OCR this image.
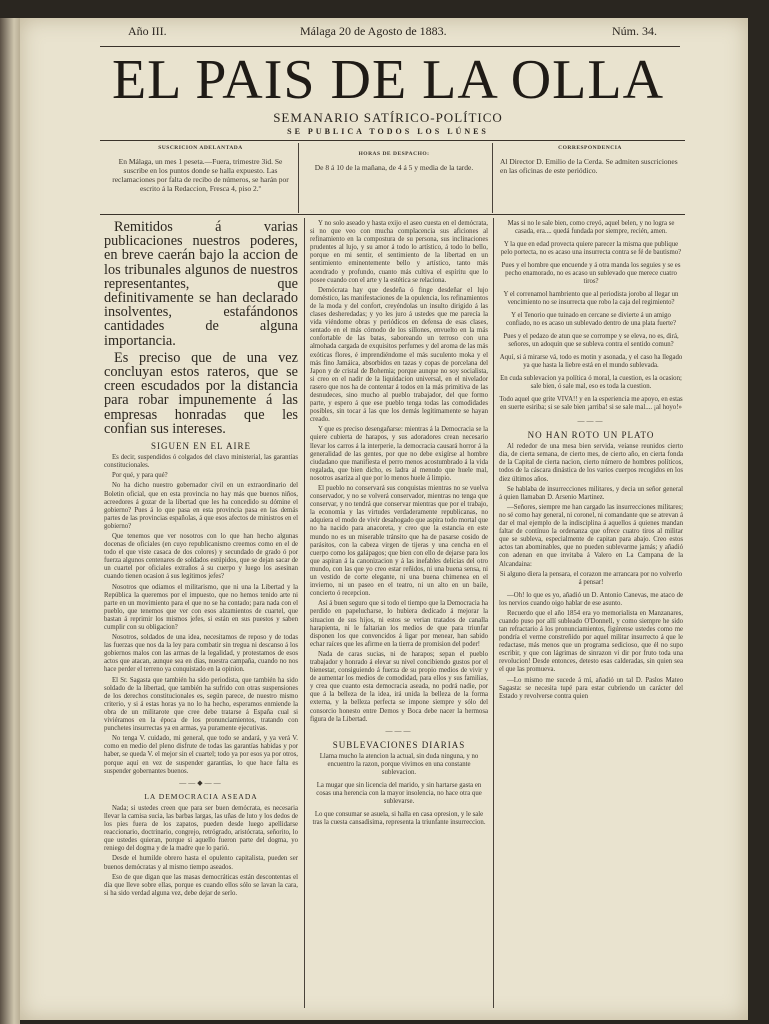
Año III.	Málaga 20 de Agosto de 1883.	Núm. 34.
EL PAIS DE LA OLLA
SEMANARIO SATÍRICO-POLÍTICO
SE PUBLICA TODOS LOS LÚNES
SUSCRICION ADELANTADA
En Málaga, un mes 1 peseta.—Fuera, trimestre 3id. Se suscribe en los puntos donde se halla expuesto. Las reclamaciones por falta de recibo de números, se harán por escrito á la Redaccion, Fresca 4, piso 2.º
HORAS DE DESPACHO:
De 8 á 10 de la mañana, de 4 á 5 y media de la tarde.
CORRESPONDENCIA
Al Director D. Emilio de la Cerda. Se admiten suscriciones en las oficinas de este periódico.

Remitidos á varias publicaciones nuestros poderes, en breve caerán bajo la accion de los tribunales algunos de nuestros representantes, que definitivamente se han declarado insolventes, estafándonos cantidades de alguna importancia.

Es preciso que de una vez concluyan estos rateros, que se creen escudados por la distancia para robar impunemente á las empresas honradas que les confian sus intereses.

SIGUEN EN EL AIRE

Es decir, suspendidos ó colgados del clavo ministerial, las garantías constitucionales.

Por qué, y para qué?

No ha dicho nuestro gobernador civil en un extraordinario del Boletin oficial, que en esta provincia no hay más que buenos niños, acreedores á gozar de la libertad que les ha concedido su dómine el gobierno? Pues á lo que pasa en esta provincia pasa en las demás partes de las provincias españolas, á que esos afectos de ministros en el gobierno?

Que tenemos que ver nosotros con lo que han hecho algunas docenas de oficiales (en cuyo republicanismo creemos como en el de todo el que viste casaca de dos colores) y secundado de grado ó por fuerza algunos centenares de soldados estúpidos, que se dejan sacar de un cuartel por oficiales extraños á su cuerpo y luego los asesinan cuando tienen ocasion á sus legítimos jefes?

Nosotros que odiamos el militarismo, que ni una la Libertad y la República la queremos por el impuesto, que no hemos tenido arte ni parte en un movimiento para el que no se ha contado; para nada con el pueblo, que tenemos que ver con esos alzamientos de cuartel, que bastan á reprimir los mismos jefes, si están en sus puestos y saben cumplir con su obligacion?

Nosotros, soldados de una idea, necesitamos de reposo y de todas las fuerzas que nos da la ley para combatir sin tregua ni descanso á los gobiernos malos con las armas de la legalidad, y protestamos de esos actos que atacan, aunque sea en dias, nuestra campaña, cuando no nos hace perder el terreno ya conquistado en la opinion.

El Sr. Sagasta que también ha sido periodista, que también ha sido soldado de la libertad, que también ha sufrido con otras suspensiones de los derechos constitucionales es, según parece, de nuestro mismo criterio, y si á estas horas ya no lo ha hecho, esperamos enmiende la obra de un militarote que cree debe tratarse á España cual si viviéramos en la época de los pronunciamientos, tratando con punchetes insurrectas ya en armas, ya puramente ejecutivas.

No tenga V. cuidado, mi general, que todo se andará, y ya verá V. como en medio del pleno disfrute de todas las garantías habidas y por haber, se queda V. el mejor sin el cuartel; todo ya por esos ya por otros, porque aquí en vez de suspender garantías, lo que hace falta es suspender gobernantes buenos.

——◆——
LA DEMOCRACIA ASEADA

Nada; si ustedes creen que para ser buen demócrata, es necesaria llevar la camisa sucia, las barbas largas, las uñas de luto y los dedos de los pies fuera de los zapatos, pueden desde luego apellidarse reaccionario, doctrinario, congrejo, retrógrado, aristócrata, señorito, lo que ustedes quieran, porque si aquello fueron parte del dogma, yo reniego del dogma y de la madre que lo parió.

Desde el humilde obrero hasta el opulento capitalista, pueden ser buenos demócratas y al mismo tiempo aseados.

Eso de que digan que las masas democráticas están descontentas el día que lleve sobre ellas, porque es cuando ellos sólo se lavan la cara, si ha sido verdad alguna vez, debe dejar de serlo.

Y no solo aseado y hasta exijo el aseo cuesta en el demócrata, si no que veo con mucha complacencia sus aficiones al refinamiento en la compostura de su persona, sus inclinaciones prudentes al lujo, y su amor á todo lo artístico, á todo lo bello, porque en mi sentir, el sentimiento de la libertad en un sentimiento eminentemente bello y artístico, tanto más acendrado y profundo, cuanto más cultiva el espíritu que lo posee cuando con el arte y la estética se relaciona.

Demócrata hay que desdeña ó finge desdeñar el lujo doméstico, las manifestaciones de la opulencia, los refinamientos de la moda y del confort, creyéndolas un insulto dirigido á las clases desheredadas; y yo les juro á ustedes que me parecía la vida viéndome obras y periódicos en defensa de esas clases, sentado en el más cómodo de los sillones, envuelto en la más confortable de las batas, saboreando un terroso con una almohada cargada de exquisitos perfumes y del aroma de las más exóticas flores, é imprendiéndome el más suculento moka y el más fino Jamáica, absorbidos en tazas y copas de porcelana del Japon y de cristal de Bohemia; porque aunque no soy socialista, si creo en el nadir de la liquidacion universal, en el nivelador rasero que nos ha de contentar á todos en la más primitiva de las desnudeces, sino mucho al pueblo trabajador, del que formo parte, y espero á que ese pueblo tenga todas las comodidades posibles, sin tocar á las que los demás legítimamente se hayan creado.

Y que es preciso desengañarse: mientras á la Democracia se la quiere cubierta de harapos, y sus adoradores crean necesario llevar los carros á la interperie, la democracia causará horror á la generalidad de las gentes, por que no debe exigírse al hombre ciudadano que manifiesta el perro menos acostumbrado á la vida regalada, que bien dicho, es ladra al menudo que huele mal, nosotros asariza al que por lo menos huele á limpio.

El pueblo no conservará sus conquistas mientras no se vuelva conservador, y no se volverá conservador, mientras no tenga que conservar, y no tendrá que conservar mientras que por el trabajo, la economía y las virtudes verdaderamente republicanas, no adquiera el modo de vivir desahogado que aspira todo mortal que no ha nacido para anacoreta, y creo que la estancia en este mundo no es un miserable tránsito que ha de pasarse cosido de parásitos, con la cabeza virgen de tijeras y una cencha en el cuerpo como los galápagos; que bien con ello de dejarse para los que aspiran á la canonizacion y á las inefables delicias del otro mundo, con las que yo creo estar reñidos, ni una buena sensa, ni un vestido de corte elegante, ni una buena chimenea en el invierno, ni un paseo en el teatro, ni un alto en un baile, concierto ó recepcion.

Así á buen seguro que si todo el tiempo que la Democracia ha perdido en papelucharse, lo hubiera dedicado á mejorar la situacion de sus hijos, ni estos se verian tratados de canalla harapienta, ni le faltarian los medios de que para triunfar disponen los que convencidos á ligar por menear, han sabido echar raíces que les afirme en la tierra de promision del poder!

Nada de caras sucias, ni de harapos; sepan el pueblo trabajador y honrado á elevar su nivel concibiendo gustos por el bienestar, consiguiendo á fuerza de su propio medios de vivir y de aumentar los medios de comodidad, para ellos y sus familias, y crea que cuanto esta democracia aseada, no podrá nadie, por que á la belleza de la idea, irá unida la belleza de la forma externa, y la belleza perfecta se impone siempre y sólo del consorcio honesto entre Demos y Boca debe nacer la hermosa figura de la Libertad.

———
SUBLEVACIONES DIARIAS
Llama mucho la atencion la actual, sin duda ninguna, y no encuentro la razon, porque vivimos en una constante sublevacion.
La mugar que sin licencia del marido, y sin hartarse gasta en cosas una herencia con la mayor insolencia, no hace otra que sublevarse.
Lo que consumar se asuela, si halla en casa opresion, y le sale tras la cuesta cansadisima, representa la triunfante insurreccion.
Mas si no le sale bien, como creyó, aquel belen, y no logra se casada, era.... quedá fundada por siempre, recién, amen.
Y la que en edad provecta quiere parecer la misma que publique pelo portecta, no es acaso una insurrecta contra se fé de bautismo?
Pues y el hombre que encuende y á otra manda los seguies y se es pecho enamorado, no es acaso un sublevado que merece cuatro tiros?
Y el correnamol hambriento que al periodista jorobo al llegar un vencimiento no se insurrecta que robo la caja del regimiento?
Y el Tenorio que tuinado en cercane se divierte á un amigo confiado, no es acaso un sublevado dentro de una plata fuerte?
Pues y el pedazo de atun que se corrompe y se eleva, no es, dirá, señores, un adoquin que se subleva contra el sentido comun?
Aquí, si á mirarse vá, todo es motin y asonada, y el caso ha llegado ya que hasta la liebre está en el mundo sublevada.
En cuda sublevacion ya política ó moral, la cuestion, es la ocasion; sale bien, ó sale mal, eso es toda la cuestion.
Todo aquel que grite VIVA!! y en la esperiencia me apoyo, en estas en suerte esiriba; si se sale bien ¡arriba! si se sale mal.... ¡al hoyo!»
———
NO HAN ROTO UN PLATO

Al rededor de una mesa bien servida, veíanse reunidos cierto dia, de cierta semana, de cierto mes, de cierto año, en cierta fonda de la Capital de cierta nacion, cierto número de hombres políticos, todos de la cáscara dinástica de los varios cuerpos recogidos en los diez últimos años.

Se hablaba de insurrecciones militares, y decia un señor general á quien llamaban D. Arsenio Martinez.

—Señores, siempre me han cargado las insurrecciones militares; no sé como hay general, ni coronel, ni comandante que se atrevan á dar el mal ejemplo de la indisciplina á aquellos á quienes mandan faltar de contínuo la ordenanza que ofrece cuatro tiros al militar que se subleva, especialmente de capitan para abajo. Creo estos actos tan abominables, que no pueden sublevarme jamás; y añadió con adenan en que invitaba á Valero en La Campana de la Alcandaina:

Si alguno diera la pensara, el corazon me arrancara por no volverlo á pensar!

—Oh! lo que es yo, añadió un D. Antonio Canevas, me ataco de los nervios cuando oigo hablar de ese asunto.

Recuerdo que el año 1854 era yo memorialista en Manzanares, cuando puso por allí subleado O'Donnell, y como siempre he sido tan refractario á los pronunciamientos, figúrense ustedes como me pondría el verme constreñido por aquel militar insurrecto á que le redactase, más menos que un programa sedicioso, que él no supo escribir, y que con lágrimas de sinrazon vi dir por fruto toda una revolucion! Desde entonces, detesto esas calderadas, sin quien sea el que las promueva.

—Lo mismo me sucede á mí, añadió un tal D. Paslos Mateo Sagasta: se necesita tupé para estar cubriendo un carácter del Estado y revolverse contra quien
